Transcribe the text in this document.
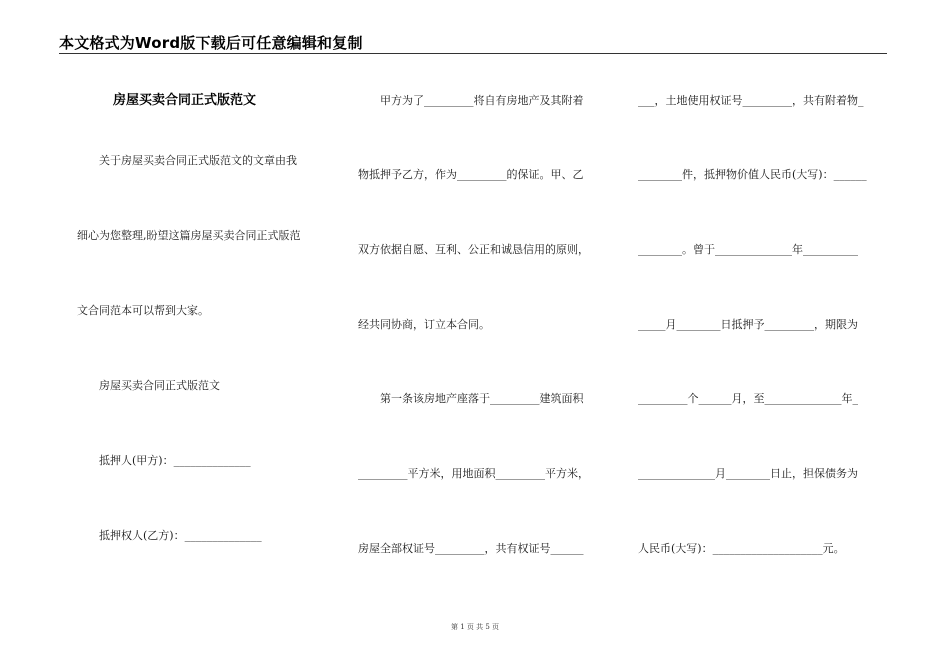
本文格式为Word版下载后可任意编辑和复制
房屋买卖合同正式版范文
关于房屋买卖合同正式版范文的文章由我
细心为您整理,盼望这篇房屋买卖合同正式版范
文合同范本可以帮到大家。
房屋买卖合同正式版范文
抵押人(甲方)：______________
抵押权人(乙方)：______________
甲方为了_________将自有房地产及其附着
物抵押予乙方，作为_________的保证。甲、乙
双方依据自愿、互利、公正和诚恳信用的原则，
经共同协商，订立本合同。
第一条该房地产座落于_________建筑面积
_________平方米，用地面积_________平方米，
房屋全部权证号_________，共有权证号______
___，土地使用权证号_________，共有附着物_
________件，抵押物价值人民币(大写)：______
________。曾于______________年__________
_____月________日抵押予_________，期限为
_________个______月，至______________年_
______________月________日止，担保债务为
人民币(大写)：____________________元。
第 1 页 共 5 页
